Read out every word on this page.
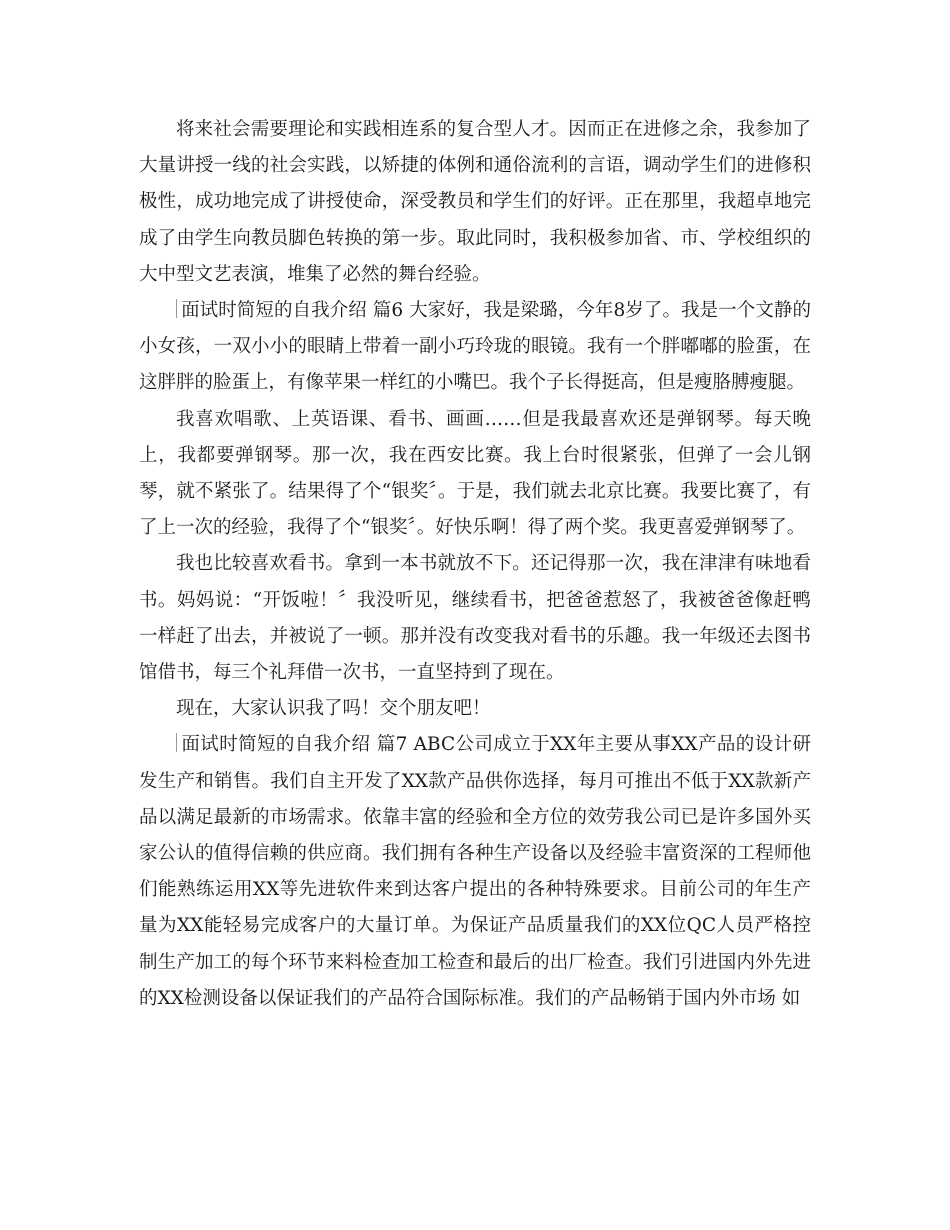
将来社会需要理论和实践相连系的复合型人才。因而正在进修之余，我参加了大量讲授一线的社会实践，以矫捷的体例和通俗流利的言语，调动学生们的进修积极性，成功地完成了讲授使命，深受教员和学生们的好评。正在那里，我超卓地完成了由学生向教员脚色转换的第一步。取此同时，我积极参加省、市、学校组织的大中型文艺表演，堆集了必然的舞台经验。

面试时简短的自我介绍 篇6 大家好，我是梁璐，今年8岁了。我是一个文静的小女孩，一双小小的眼睛上带着一副小巧玲珑的眼镜。我有一个胖嘟嘟的脸蛋，在这胖胖的脸蛋上，有像苹果一样红的小嘴巴。我个子长得挺高，但是瘦胳膊瘦腿。

我喜欢唱歌、上英语课、看书、画画……但是我最喜欢还是弹钢琴。每天晚上，我都要弹钢琴。那一次，我在西安比赛。我上台时很紧张，但弹了一会儿钢琴，就不紧张了。结果得了个“银奖〞。于是，我们就去北京比赛。我要比赛了，有了上一次的经验，我得了个“银奖〞。好快乐啊！得了两个奖。我更喜爱弹钢琴了。

我也比较喜欢看书。拿到一本书就放不下。还记得那一次，我在津津有味地看书。妈妈说：“开饭啦！〞我没听见，继续看书，把爸爸惹怒了，我被爸爸像赶鸭一样赶了出去，并被说了一顿。那并没有改变我对看书的乐趣。我一年级还去图书馆借书，每三个礼拜借一次书，一直坚持到了现在。

现在，大家认识我了吗！交个朋友吧！

面试时简短的自我介绍 篇7 ABC公司成立于XX年主要从事XX产品的设计研发生产和销售。我们自主开发了XX款产品供你选择，每月可推出不低于XX款新产品以满足最新的市场需求。依靠丰富的经验和全方位的效劳我公司已是许多国外买家公认的值得信赖的供应商。我们拥有各种生产设备以及经验丰富资深的工程师他们能熟练运用XX等先进软件来到达客户提出的各种特殊要求。目前公司的年生产量为XX能轻易完成客户的大量订单。为保证产品质量我们的XX位QC人员严格控制生产加工的每个环节来料检查加工检查和最后的出厂检查。我们引进国内外先进的XX检测设备以保证我们的产品符合国际标准。我们的产品畅销于国内外市场 如
